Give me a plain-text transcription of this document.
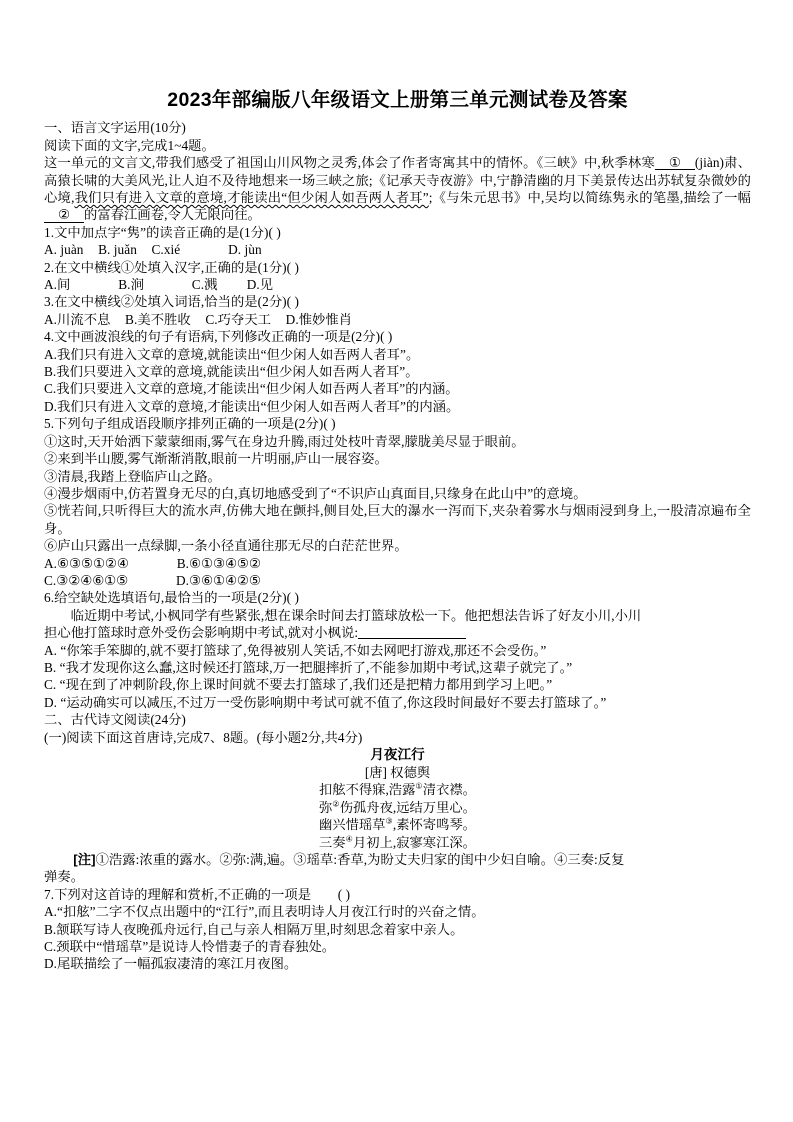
2023年部编版八年级语文上册第三单元测试卷及答案

一、语言文字运用(10分)

阅读下面的文字,完成1~4题。

这一单元的文言文,带我们感受了祖国山川风物之灵秀,体会了作者寄寓其中的情怀。《三峡》中,秋季林寒 ① (jiàn)肃、高猿长啸的大美风光,让人迫不及待地想来一场三峡之旅;《记承天寺夜游》中,宁静清幽的月下美景传达出苏轼复杂微妙的心境,我们只有进入文章的意境,才能读出“但少闲人如吾两人者耳”;《与朱元思书》中,吴均以简练隽永的笔墨,描绘了一幅② 的富春江画卷,令人无限向往。

1.文中加点字“隽”的读音正确的是(1分)( )

A. juàn B. juǎn C.xié	D. jùn

2.在文中横线①处填入汉字,正确的是(1分)( )

A.间	B.涧	C.溅 D.见

3.在文中横线②处填入词语,恰当的是(2分)( )

A.川流不息 B.美不胜收 C.巧夺天工 D.惟妙惟肖

4.文中画波浪线的句子有语病,下列修改正确的一项是(2分)( )

A.我们只有进入文章的意境,就能读出“但少闲人如吾两人者耳”。

B.我们只要进入文章的意境,就能读出“但少闲人如吾两人者耳”。

C.我们只要进入文章的意境,才能读出“但少闲人如吾两人者耳”的内涵。

D.我们只有进入文章的意境,才能读出“但少闲人如吾两人者耳”的内涵。

5.下列句子组成语段顺序排列正确的一项是(2分)( )

①这时,天开始洒下蒙蒙细雨,雾气在身边升腾,雨过处枝叶青翠,朦胧美尽显于眼前。

②来到半山腰,雾气渐渐消散,眼前一片明丽,庐山一展容姿。

③清晨,我踏上登临庐山之路。

④漫步烟雨中,仿若置身无尽的白,真切地感受到了“不识庐山真面目,只缘身在此山中”的意境。

⑤恍若间,只听得巨大的流水声,仿佛大地在颤抖,侧目处,巨大的瀑水一泻而下,夹杂着雾水与烟雨浸到身上,一股清凉遍布全身。

⑥庐山只露出一点绿脚,一条小径直通往那无尽的白茫茫世界。

A.⑥③⑤①②④	B.⑥①③④⑤②

C.③②④⑥①⑤	D.③⑥①④②⑤

6.给空缺处选填语句,最恰当的一项是(2分)( )

临近期中考试,小枫同学有些紧张,想在课余时间去打篮球放松一下。他把想法告诉了好友小川,小川

担心他打篮球时意外受伤会影响期中考试,就对小枫说:

A. “你笨手笨脚的,就不要打篮球了,免得被别人笑话,不如去网吧打游戏,那还不会受伤。”

B. “我才发现你这么蠢,这时候还打篮球,万一把腿摔折了,不能参加期中考试,这辈子就完了。”

C. “现在到了冲刺阶段,你上课时间就不要去打篮球了,我们还是把精力都用到学习上吧。”

D. “运动确实可以减压,不过万一受伤影响期中考试可就不值了,你这段时间最好不要去打篮球了。”

二、古代诗文阅读(24分)

(一)阅读下面这首唐诗,完成7、8题。(每小题2分,共4分)

月夜江行

[唐] 权德舆

扣舷不得寐,浩露①清衣襟。

弥②伤孤舟夜,远结万里心。

幽兴惜瑶草③,素怀寄鸣琴。

三奏④月初上,寂寥寒江深。

[注]①浩露:浓重的露水。②弥:满,遍。③瑶草:香草,为盼丈夫归家的闺中少妇自喻。④三奏:反复

弹奏。

7.下列对这首诗的理解和赏析,不正确的一项是　　( )

A.“扣舷”二字不仅点出题中的“江行”,而且表明诗人月夜江行时的兴奋之情。

B.颔联写诗人夜晚孤舟远行,自己与亲人相隔万里,时刻思念着家中亲人。

C.颈联中“惜瑶草”是说诗人怜惜妻子的青春独处。

D.尾联描绘了一幅孤寂凄清的寒江月夜图。
